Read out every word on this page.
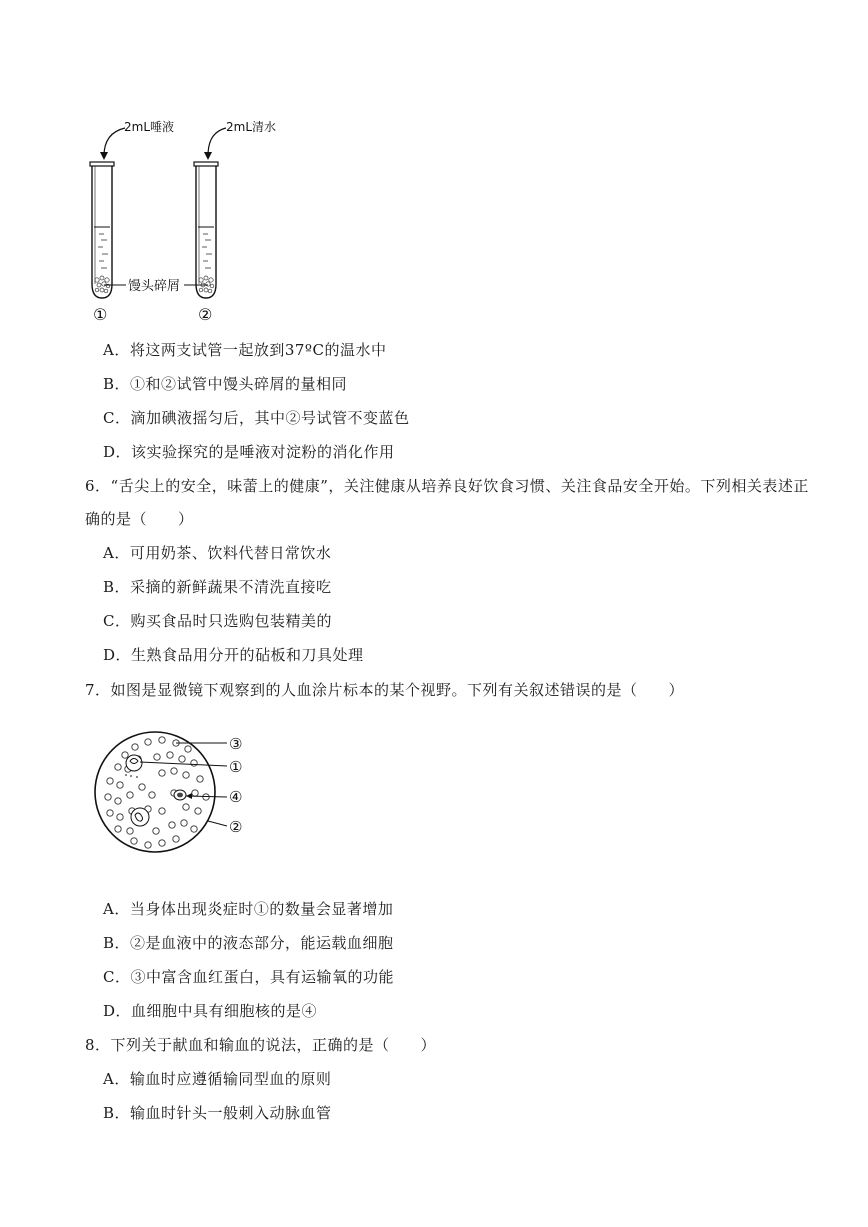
2mL唾液	2mL清水
馒头碎屑
①	②
A．将这两支试管一起放到37ºC的温水中
B．①和②试管中馒头碎屑的量相同
C．滴加碘液摇匀后，其中②号试管不变蓝色
D．该实验探究的是唾液对淀粉的消化作用
6．“舌尖上的安全，味蕾上的健康”，关注健康从培养良好饮食习惯、关注食品安全开始。下列相关表述正
确的是（　　）
A．可用奶茶、饮料代替日常饮水
B．采摘的新鲜蔬果不清洗直接吃
C．购买食品时只选购包装精美的
D．生熟食品用分开的砧板和刀具处理
7．如图是显微镜下观察到的人血涂片标本的某个视野。下列有关叙述错误的是（　　）
③
①
④
②
A．当身体出现炎症时①的数量会显著增加
B．②是血液中的液态部分，能运载血细胞
C．③中富含血红蛋白，具有运输氧的功能
D．血细胞中具有细胞核的是④
8．下列关于献血和输血的说法，正确的是（　　）
A．输血时应遵循输同型血的原则
B．输血时针头一般刺入动脉血管
